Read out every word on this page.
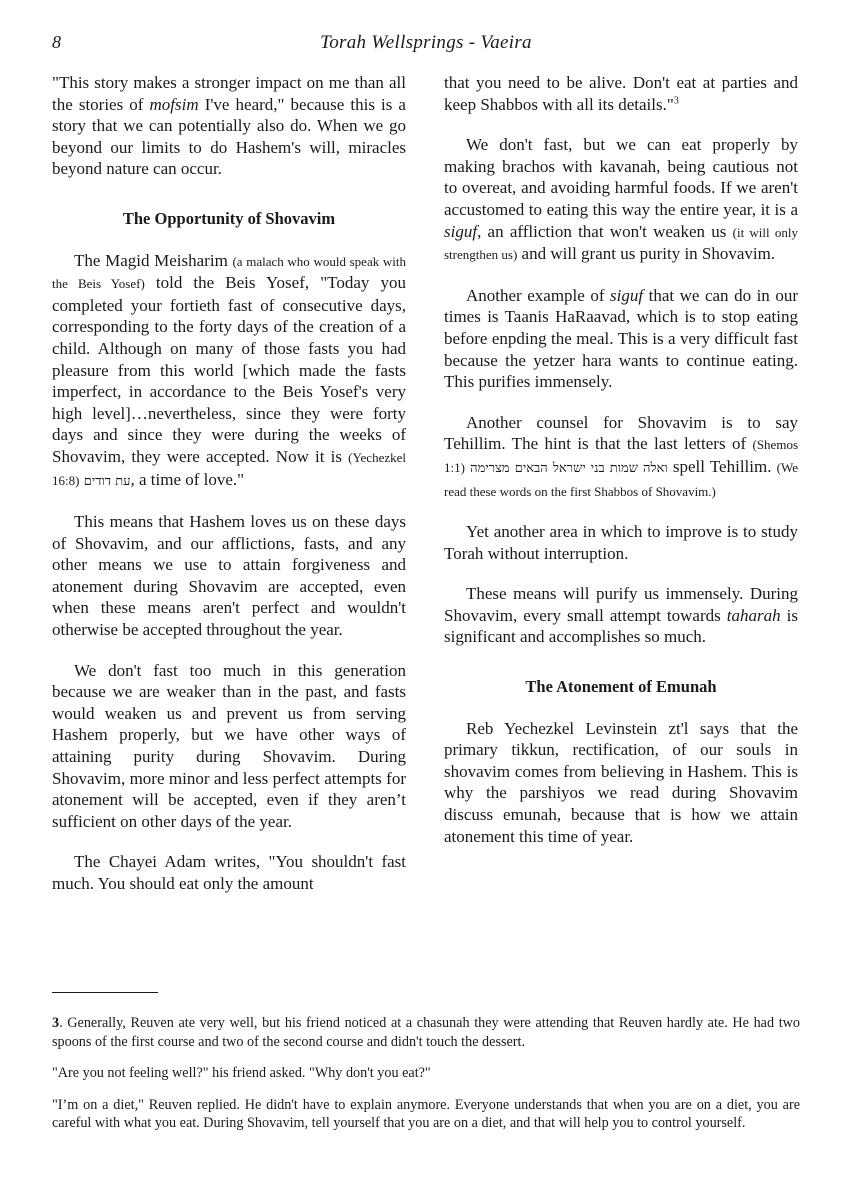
8	Torah Wellsprings - Vaeira

"This story makes a stronger impact on me than all the stories of mofsim I've heard," because this is a story that we can potentially also do. When we go beyond our limits to do Hashem's will, miracles beyond nature can occur.

The Opportunity of Shovavim

The Magid Meisharim (a malach who would speak with the Beis Yosef) told the Beis Yosef, "Today you completed your fortieth fast of consecutive days, corresponding to the forty days of the creation of a child. Although on many of those fasts you had pleasure from this world [which made the fasts imperfect, in accordance to the Beis Yosef's very high level]…nevertheless, since they were forty days and since they were during the weeks of Shovavim, they were accepted. Now it is (Yechezkel 16:8) עת דודים, a time of love."

This means that Hashem loves us on these days of Shovavim, and our afflictions, fasts, and any other means we use to attain forgiveness and atonement during Shovavim are accepted, even when these means aren't perfect and wouldn't otherwise be accepted throughout the year.

We don't fast too much in this generation because we are weaker than in the past, and fasts would weaken us and prevent us from serving Hashem properly, but we have other ways of attaining purity during Shovavim. During Shovavim, more minor and less perfect attempts for atonement will be accepted, even if they aren’t sufficient on other days of the year.

The Chayei Adam writes, "You shouldn't fast much. You should eat only the amount

that you need to be alive. Don't eat at parties and keep Shabbos with all its details."$^3$

We don't fast, but we can eat properly by making brachos with kavanah, being cautious not to overeat, and avoiding harmful foods. If we aren't accustomed to eating this way the entire year, it is a siguf, an affliction that won't weaken us (it will only strengthen us) and will grant us purity in Shovavim.

Another example of siguf that we can do in our times is Taanis HaRaavad, which is to stop eating before enpding the meal. This is a very difficult fast because the yetzer hara wants to continue eating. This purifies immensely.

Another counsel for Shovavim is to say Tehillim. The hint is that the last letters of (Shemos 1:1) ואלה שמות בני ישראל הבאים מצרימה spell Tehillim. (We read these words on the first Shabbos of Shovavim.)

Yet another area in which to improve is to study Torah without interruption.

These means will purify us immensely. During Shovavim, every small attempt towards taharah is significant and accomplishes so much.

The Atonement of Emunah

Reb Yechezkel Levinstein zt'l says that the primary tikkun, rectification, of our souls in shovavim comes from believing in Hashem. This is why the parshiyos we read during Shovavim discuss emunah, because that is how we attain atonement this time of year.

3. Generally, Reuven ate very well, but his friend noticed at a chasunah they were attending that Reuven hardly ate. He had two spoons of the first course and two of the second course and didn't touch the dessert.

"Are you not feeling well?" his friend asked. "Why don't you eat?"

"I’m on a diet," Reuven replied. He didn't have to explain anymore. Everyone understands that when you are on a diet, you are careful with what you eat. During Shovavim, tell yourself that you are on a diet, and that will help you to control yourself.
